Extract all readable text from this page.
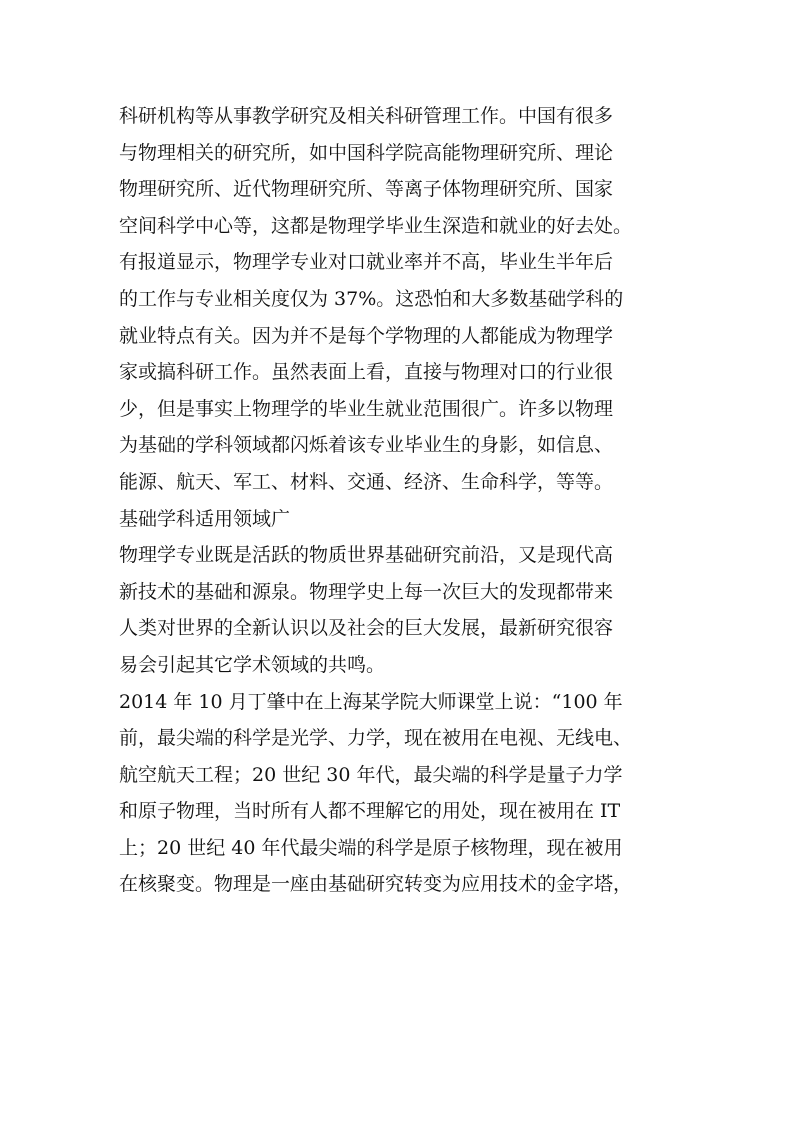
科研机构等从事教学研究及相关科研管理工作。中国有很多
与物理相关的研究所，如中国科学院高能物理研究所、理论
物理研究所、近代物理研究所、等离子体物理研究所、国家
空间科学中心等，这都是物理学毕业生深造和就业的好去处。
有报道显示，物理学专业对口就业率并不高，毕业生半年后
的工作与专业相关度仅为 37%。这恐怕和大多数基础学科的
就业特点有关。因为并不是每个学物理的人都能成为物理学
家或搞科研工作。虽然表面上看，直接与物理对口的行业很
少，但是事实上物理学的毕业生就业范围很广。许多以物理
为基础的学科领域都闪烁着该专业毕业生的身影，如信息、
能源、航天、军工、材料、交通、经济、生命科学，等等。
基础学科适用领域广
物理学专业既是活跃的物质世界基础研究前沿，又是现代高
新技术的基础和源泉。物理学史上每一次巨大的发现都带来
人类对世界的全新认识以及社会的巨大发展，最新研究很容
易会引起其它学术领域的共鸣。
2014 年 10 月丁肇中在上海某学院大师课堂上说：“100 年
前，最尖端的科学是光学、力学，现在被用在电视、无线电、
航空航天工程；20 世纪 30 年代，最尖端的科学是量子力学
和原子物理，当时所有人都不理解它的用处，现在被用在 IT
上；20 世纪 40 年代最尖端的科学是原子核物理，现在被用
在核聚变。物理是一座由基础研究转变为应用技术的金字塔，
